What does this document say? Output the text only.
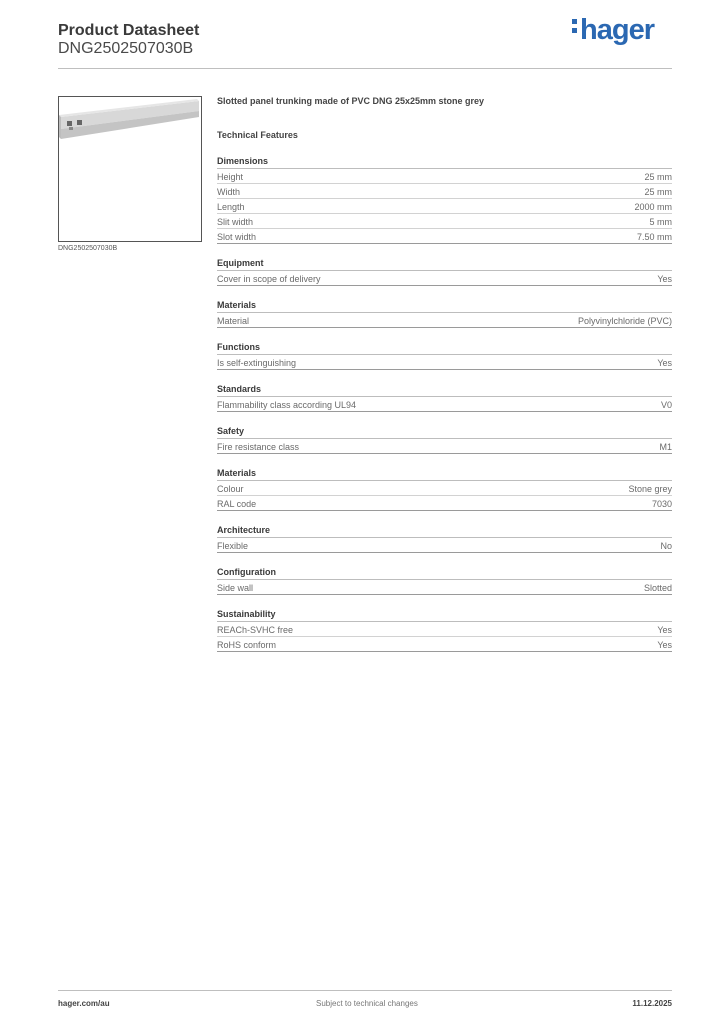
Product Datasheet
DNG2502507030B
hager
DNG2502507030B
Slotted panel trunking made of PVC DNG 25x25mm stone grey
Technical Features
Dimensions
Height	25 mm
Width	25 mm
Length	2000 mm
Slit width	5 mm
Slot width	7.50 mm
Equipment
Cover in scope of delivery	Yes
Materials
Material	Polyvinylchloride (PVC)
Functions
Is self-extinguishing	Yes
Standards
Flammability class according UL94	V0
Safety
Fire resistance class	M1
Materials
Colour	Stone grey
RAL code	7030
Architecture
Flexible	No
Configuration
Side wall	Slotted
Sustainability
REACh-SVHC free	Yes
RoHS conform	Yes
hager.com/au	Subject to technical changes	11.12.2025
